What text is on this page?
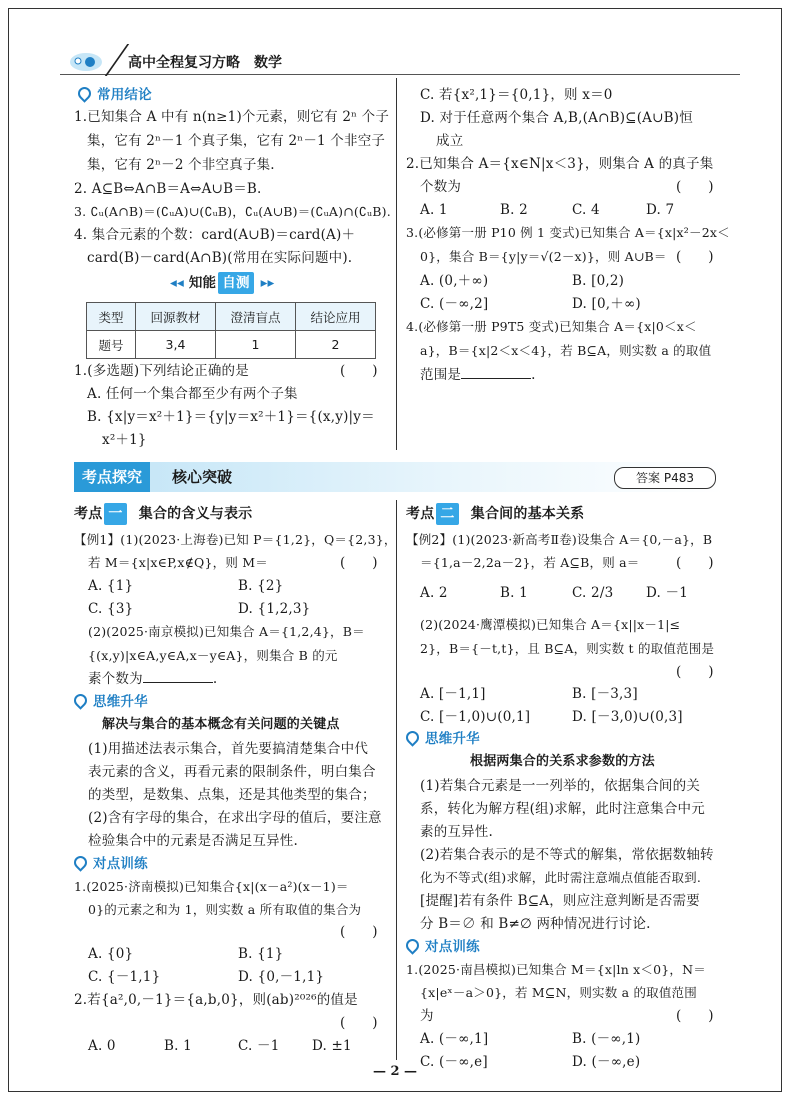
高中全程复习方略　数学
常用结论
1.已知集合 A 中有 n(n≥1)个元素，则它有 2ⁿ 个子
集，它有 2ⁿ－1 个真子集，它有 2ⁿ－1 个非空子
集，它有 2ⁿ－2 个非空真子集.
2. A⊆B⇔A∩B＝A⇔A∪B＝B.
3. ∁ᵤ(A∩B)＝(∁ᵤA)∪(∁ᵤB)，∁ᵤ(A∪B)＝(∁ᵤA)∩(∁ᵤB).
4. 集合元素的个数：card(A∪B)＝card(A)＋
card(B)－card(A∩B)(常用在实际问题中).
◂◂ 知能 自测 ▸▸
类型	回源教材	澄清盲点	结论应用
题号	3,4	1	2
1.(多选题)下列结论正确的是	(　　)
A. 任何一个集合都至少有两个子集
B. {x|y＝x²＋1}＝{y|y＝x²＋1}＝{(x,y)|y＝
x²＋1}
C. 若{x²,1}＝{0,1}，则 x＝0
D. 对于任意两个集合 A,B,(A∩B)⊆(A∪B)恒
成立
2.已知集合 A＝{x∈N|x＜3}，则集合 A 的真子集
个数为	(　　)
A. 1	B. 2	C. 4	D. 7
3.(必修第一册 P10 例 1 变式)已知集合 A＝{x|x²－2x＜
0}，集合 B＝{y|y＝√(2－x)}，则 A∪B＝ (　　)
A. (0,＋∞)	B. [0,2)
C. (－∞,2]	D. [0,＋∞)
4.(必修第一册 P9T5 变式)已知集合 A＝{x|0＜x＜
a}，B＝{x|2＜x＜4}，若 B⊆A，则实数 a 的取值
范围是	.
考点探究	核心突破	答案 P483
考点 一 集合的含义与表示
【例1】(1)(2023·上海卷)已知 P＝{1,2}，Q＝{2,3}，
若 M＝{x|x∈P,x∉Q}，则 M＝	(　　)
A. {1}	B. {2}
C. {3}	D. {1,2,3}
(2)(2025·南京模拟)已知集合 A＝{1,2,4}，B＝
{(x,y)|x∈A,y∈A,x－y∈A}，则集合 B 的元
素个数为	.
思维升华
解决与集合的基本概念有关问题的关键点
(1)用描述法表示集合，首先要搞清楚集合中代
表元素的含义，再看元素的限制条件，明白集合
的类型，是数集、点集，还是其他类型的集合；
(2)含有字母的集合，在求出字母的值后，要注意
检验集合中的元素是否满足互异性.
对点训练
1.(2025·济南模拟)已知集合{x|(x－a²)(x－1)＝
0}的元素之和为 1，则实数 a 所有取值的集合为
(　　)
A. {0}	B. {1}
C. {－1,1}	D. {0,－1,1}
2.若{a²,0,－1}＝{a,b,0}，则(ab)²⁰²⁶的值是
(　　)
A. 0	B. 1	C. －1 D. ±1
考点 二 集合间的基本关系
【例2】(1)(2023·新高考Ⅱ卷)设集合 A＝{0,－a}，B
＝{1,a－2,2a－2}，若 A⊆B，则 a＝	(　　)
A. 2	B. 1	C. 2/3 D. －1
(2)(2024·鹰潭模拟)已知集合 A＝{x||x－1|≤
2}，B＝{－t,t}，且 B⊆A，则实数 t 的取值范围是
(　　)
A. [－1,1]	B. [－3,3]
C. [－1,0)∪(0,1]	D. [－3,0)∪(0,3]
思维升华
根据两集合的关系求参数的方法
(1)若集合元素是一一列举的，依据集合间的关
系，转化为解方程(组)求解，此时注意集合中元
素的互异性.
(2)若集合表示的是不等式的解集，常依据数轴转
化为不等式(组)求解，此时需注意端点值能否取到.
[提醒]若有条件 B⊆A，则应注意判断是否需要
分 B＝∅ 和 B≠∅ 两种情况进行讨论.
对点训练
1.(2025·南昌模拟)已知集合 M＝{x|ln x＜0}，N＝
{x|eˣ－a＞0}，若 M⊆N，则实数 a 的取值范围
为	(　　)
A. (－∞,1]	B. (－∞,1)
C. (－∞,e]	D. (－∞,e)
— 2 —
